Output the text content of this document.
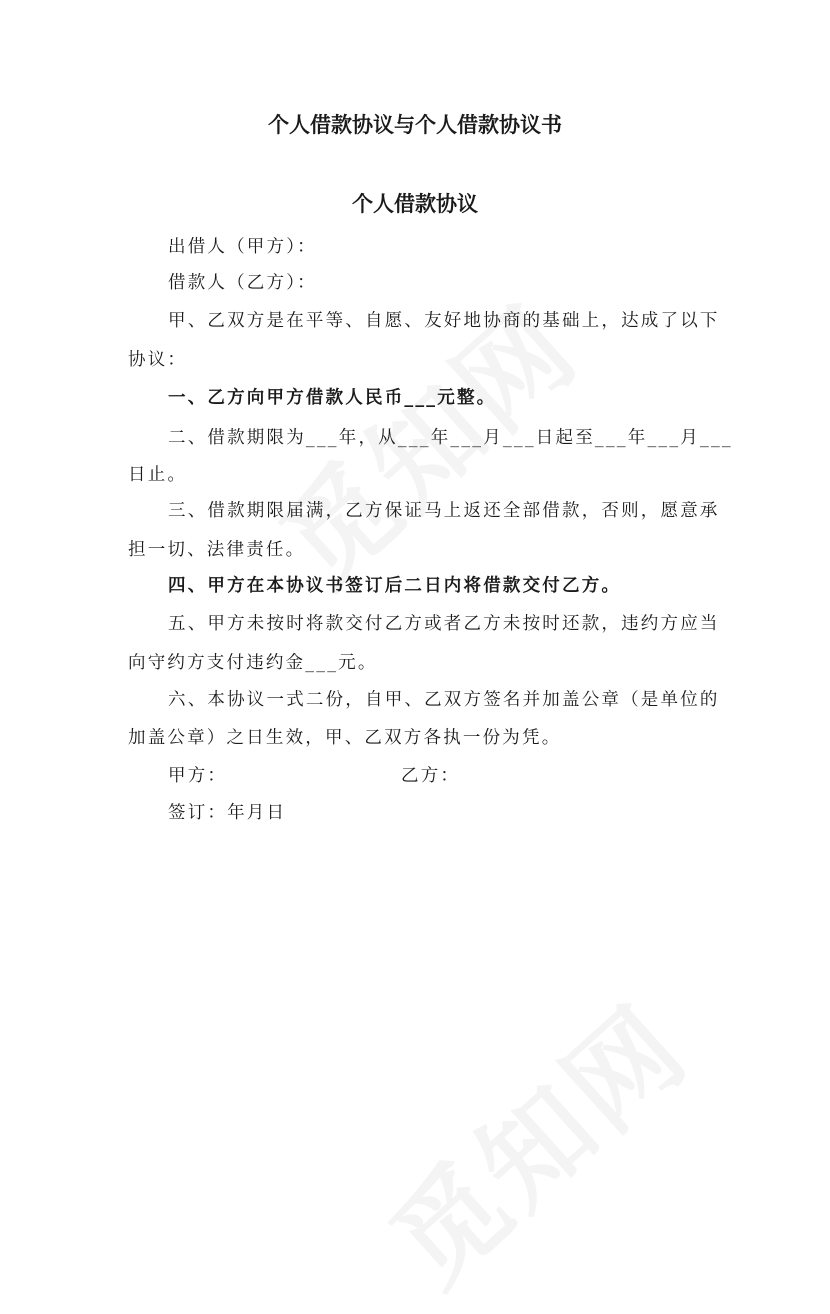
个人借款协议与个人借款协议书
个人借款协议
出借人（甲方）：
借款人（乙方）：
甲、乙双方是在平等、自愿、友好地协商的基础上，达成了以下
协议：
一、乙方向甲方借款人民币___元整。
二、借款期限为___年，从___年___月___日起至___年___月___
日止。
三、借款期限届满，乙方保证马上返还全部借款，否则，愿意承
担一切、法律责任。
四、甲方在本协议书签订后二日内将借款交付乙方。
五、甲方未按时将款交付乙方或者乙方未按时还款，违约方应当
向守约方支付违约金___元。
六、本协议一式二份，自甲、乙双方签名并加盖公章（是单位的
加盖公章）之日生效，甲、乙双方各执一份为凭。
甲方：	乙方：
签订：年月日
